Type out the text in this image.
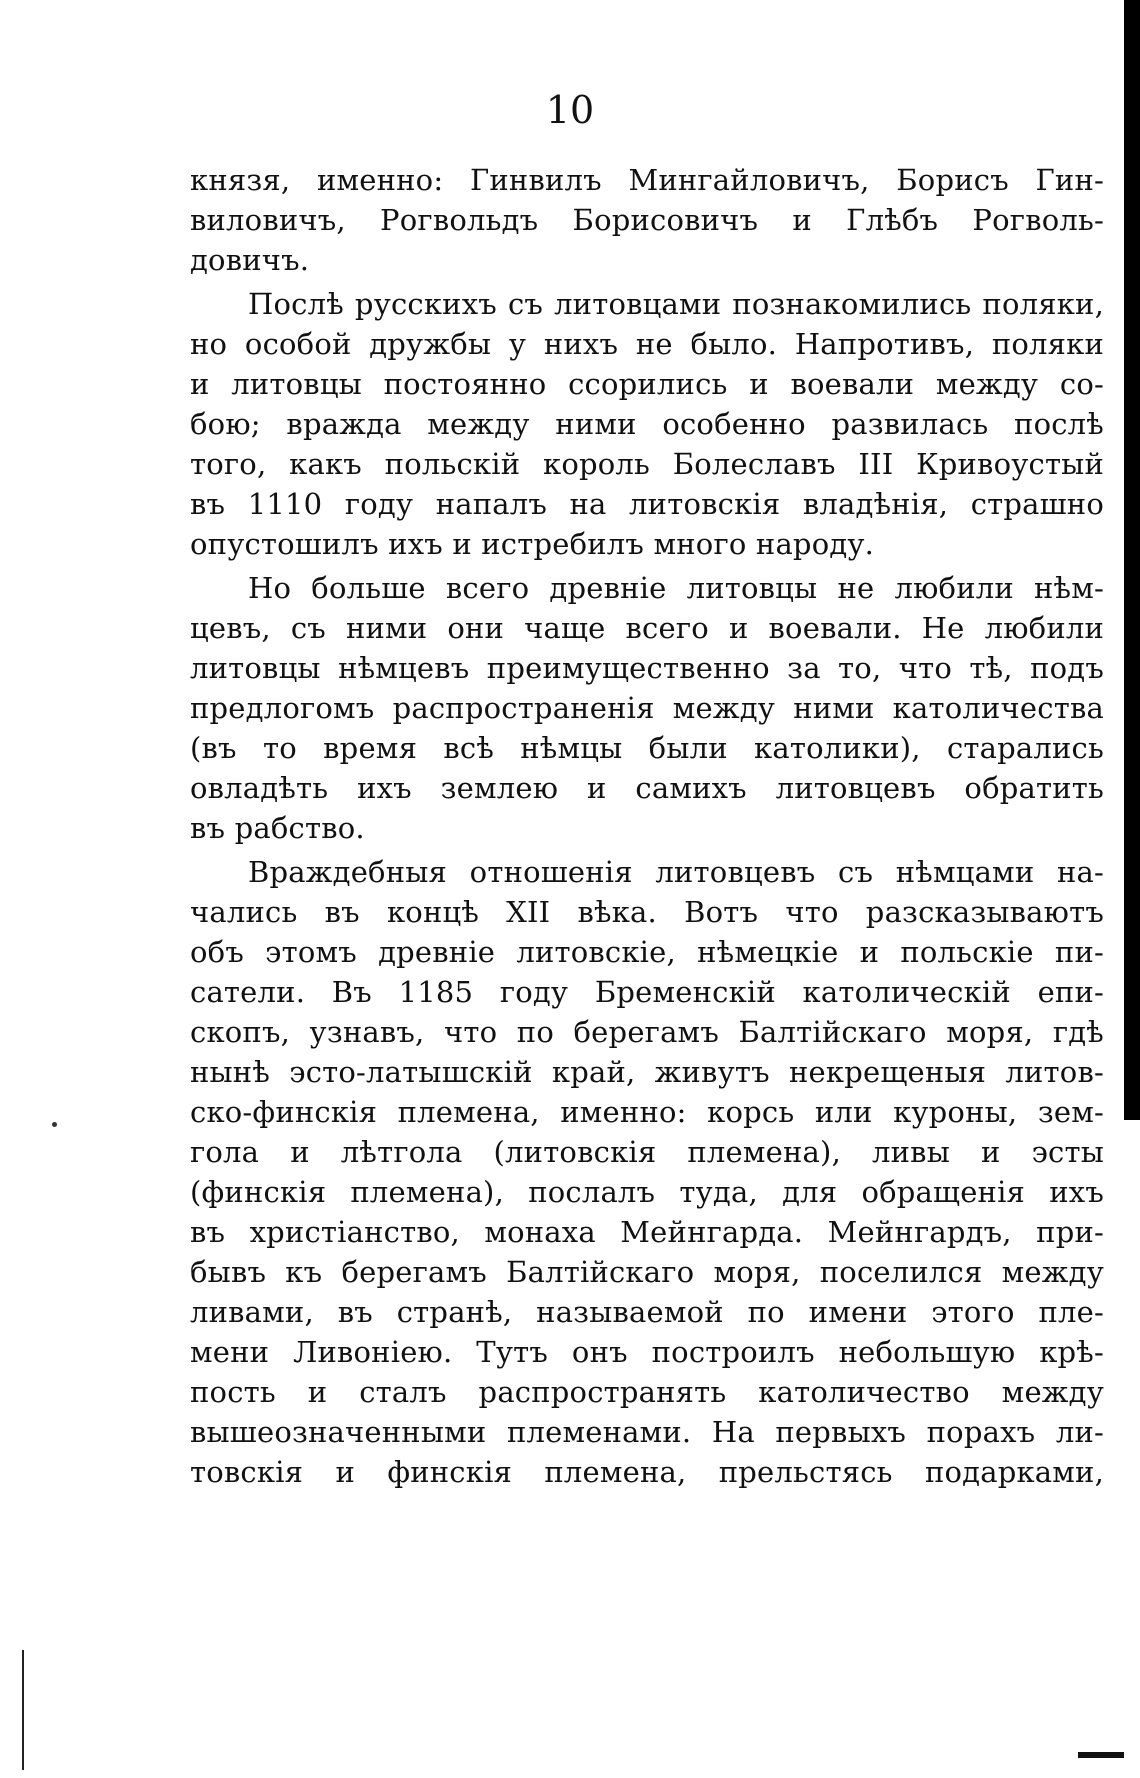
10
князя, именно: Гинвилъ Мингайловичъ, Борисъ Гин-
виловичъ, Рогвольдъ Борисовичъ и Глѣбъ Рогволь-
довичъ.
Послѣ русскихъ съ литовцами познакомились поляки,
но особой дружбы у нихъ не было. Напротивъ, поляки
и литовцы постоянно ссорились и воевали между со-
бою; вражда между ними особенно развилась послѣ
того, какъ польскій король Болеславъ III Кривоустый
въ 1110 году напалъ на литовскія владѣнія, страшно
опустошилъ ихъ и истребилъ много народу.
Но больше всего древніе литовцы не любили нѣм-
цевъ, съ ними они чаще всего и воевали. Не любили
литовцы нѣмцевъ преимущественно за то, что тѣ, подъ
предлогомъ распространенія между ними католичества
(въ то время всѣ нѣмцы были католики), старались
овладѣть ихъ землею и самихъ литовцевъ обратить
въ рабство.
Враждебныя отношенія литовцевъ съ нѣмцами на-
чались въ концѣ XII вѣка. Вотъ что разсказываютъ
объ этомъ древніе литовскіе, нѣмецкіе и польскіе пи-
сатели. Въ 1185 году Бременскій католическій епи-
скопъ, узнавъ, что по берегамъ Балтійскаго моря, гдѣ
нынѣ эсто-латышскій край, живутъ некрещеныя литов-
ско-финскія племена, именно: корсь или куроны, зем-
гола и лѣтгола (литовскія племена), ливы и эсты
(финскія племена), послалъ туда, для обращенія ихъ
въ христіанство, монаха Мейнгарда. Мейнгардъ, при-
бывъ къ берегамъ Балтійскаго моря, поселился между
ливами, въ странѣ, называемой по имени этого пле-
мени Ливоніею. Тутъ онъ построилъ небольшую крѣ-
пость и сталъ распространять католичество между
вышеозначенными племенами. На первыхъ порахъ ли-
товскія и финскія племена, прельстясь подарками,
